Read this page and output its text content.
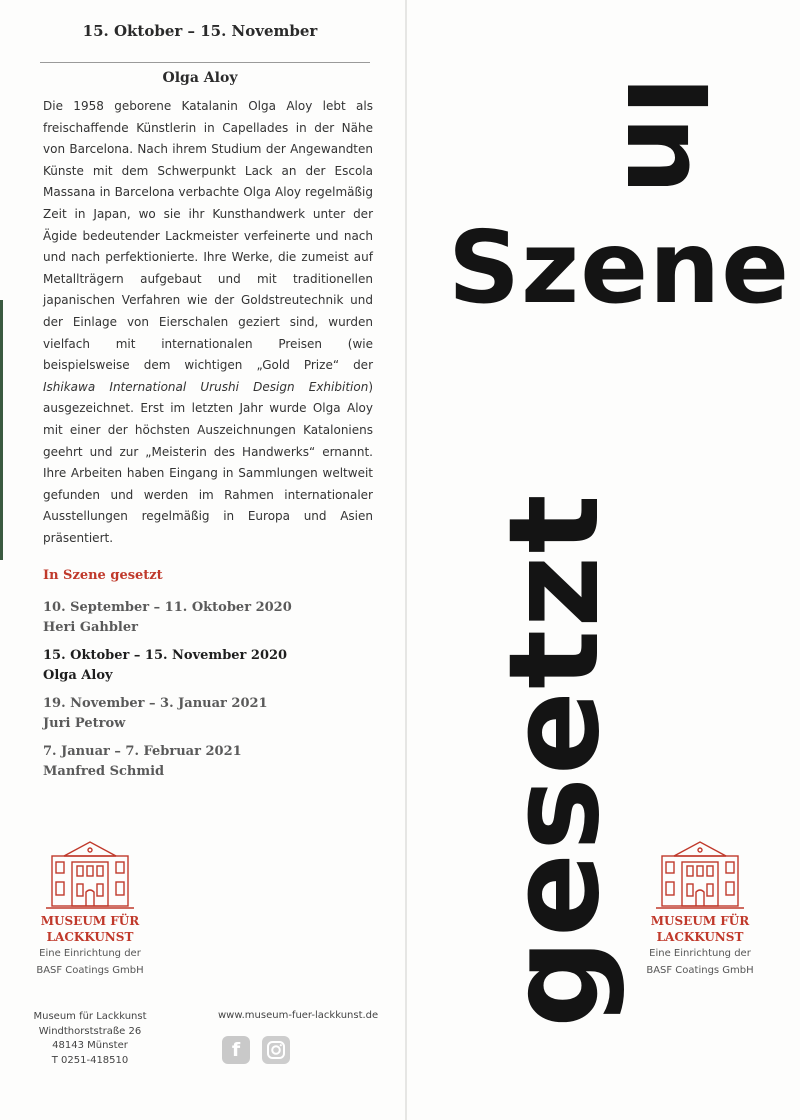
15. Oktober – 15. November
Olga Aloy
Die 1958 geborene Katalanin Olga Aloy lebt als freischaffende Künstlerin in Capellades in der Nähe von Barcelona. Nach ihrem Studium der Angewandten Künste mit dem Schwerpunkt Lack an der Escola Massana in Barcelona verbachte Olga Aloy regelmäßig Zeit in Japan, wo sie ihr Kunsthandwerk unter der Ägide bedeutender Lackmeister verfeinerte und nach und nach perfektionierte. Ihre Werke, die zumeist auf Metallträgern aufgebaut und mit traditionellen japanischen Verfahren wie der Goldstreutechnik und der Einlage von Eierschalen geziert sind, wurden vielfach mit internationalen Preisen (wie beispielsweise dem wichtigen „Gold Prize“ der Ishikawa International Urushi Design Exhibition) ausgezeichnet. Erst im letzten Jahr wurde Olga Aloy mit einer der höchsten Auszeichnungen Kataloniens geehrt und zur „Meisterin des Handwerks“ ernannt. Ihre Arbeiten haben Eingang in Sammlungen weltweit gefunden und werden im Rahmen internationaler Ausstellungen regelmäßig in Europa und Asien präsentiert.
In Szene gesetzt
10. September – 11. Oktober 2020
Heri Gahbler
15. Oktober – 15. November 2020
Olga Aloy
19. November – 3. Januar 2021
Juri Petrow
7. Januar – 7. Februar 2021
Manfred Schmid
MUSEUM FÜR
LACKKUNST
Eine Einrichtung der
BASF Coatings GmbH
Museum für Lackkunst
Windthorststraße 26
48143 Münster
T 0251-418510
www.museum-fuer-lackkunst.de
f
In
Szene
gesetzt	MUSEUM FÜR
LACKKUNST
Eine Einrichtung der
BASF Coatings GmbH
